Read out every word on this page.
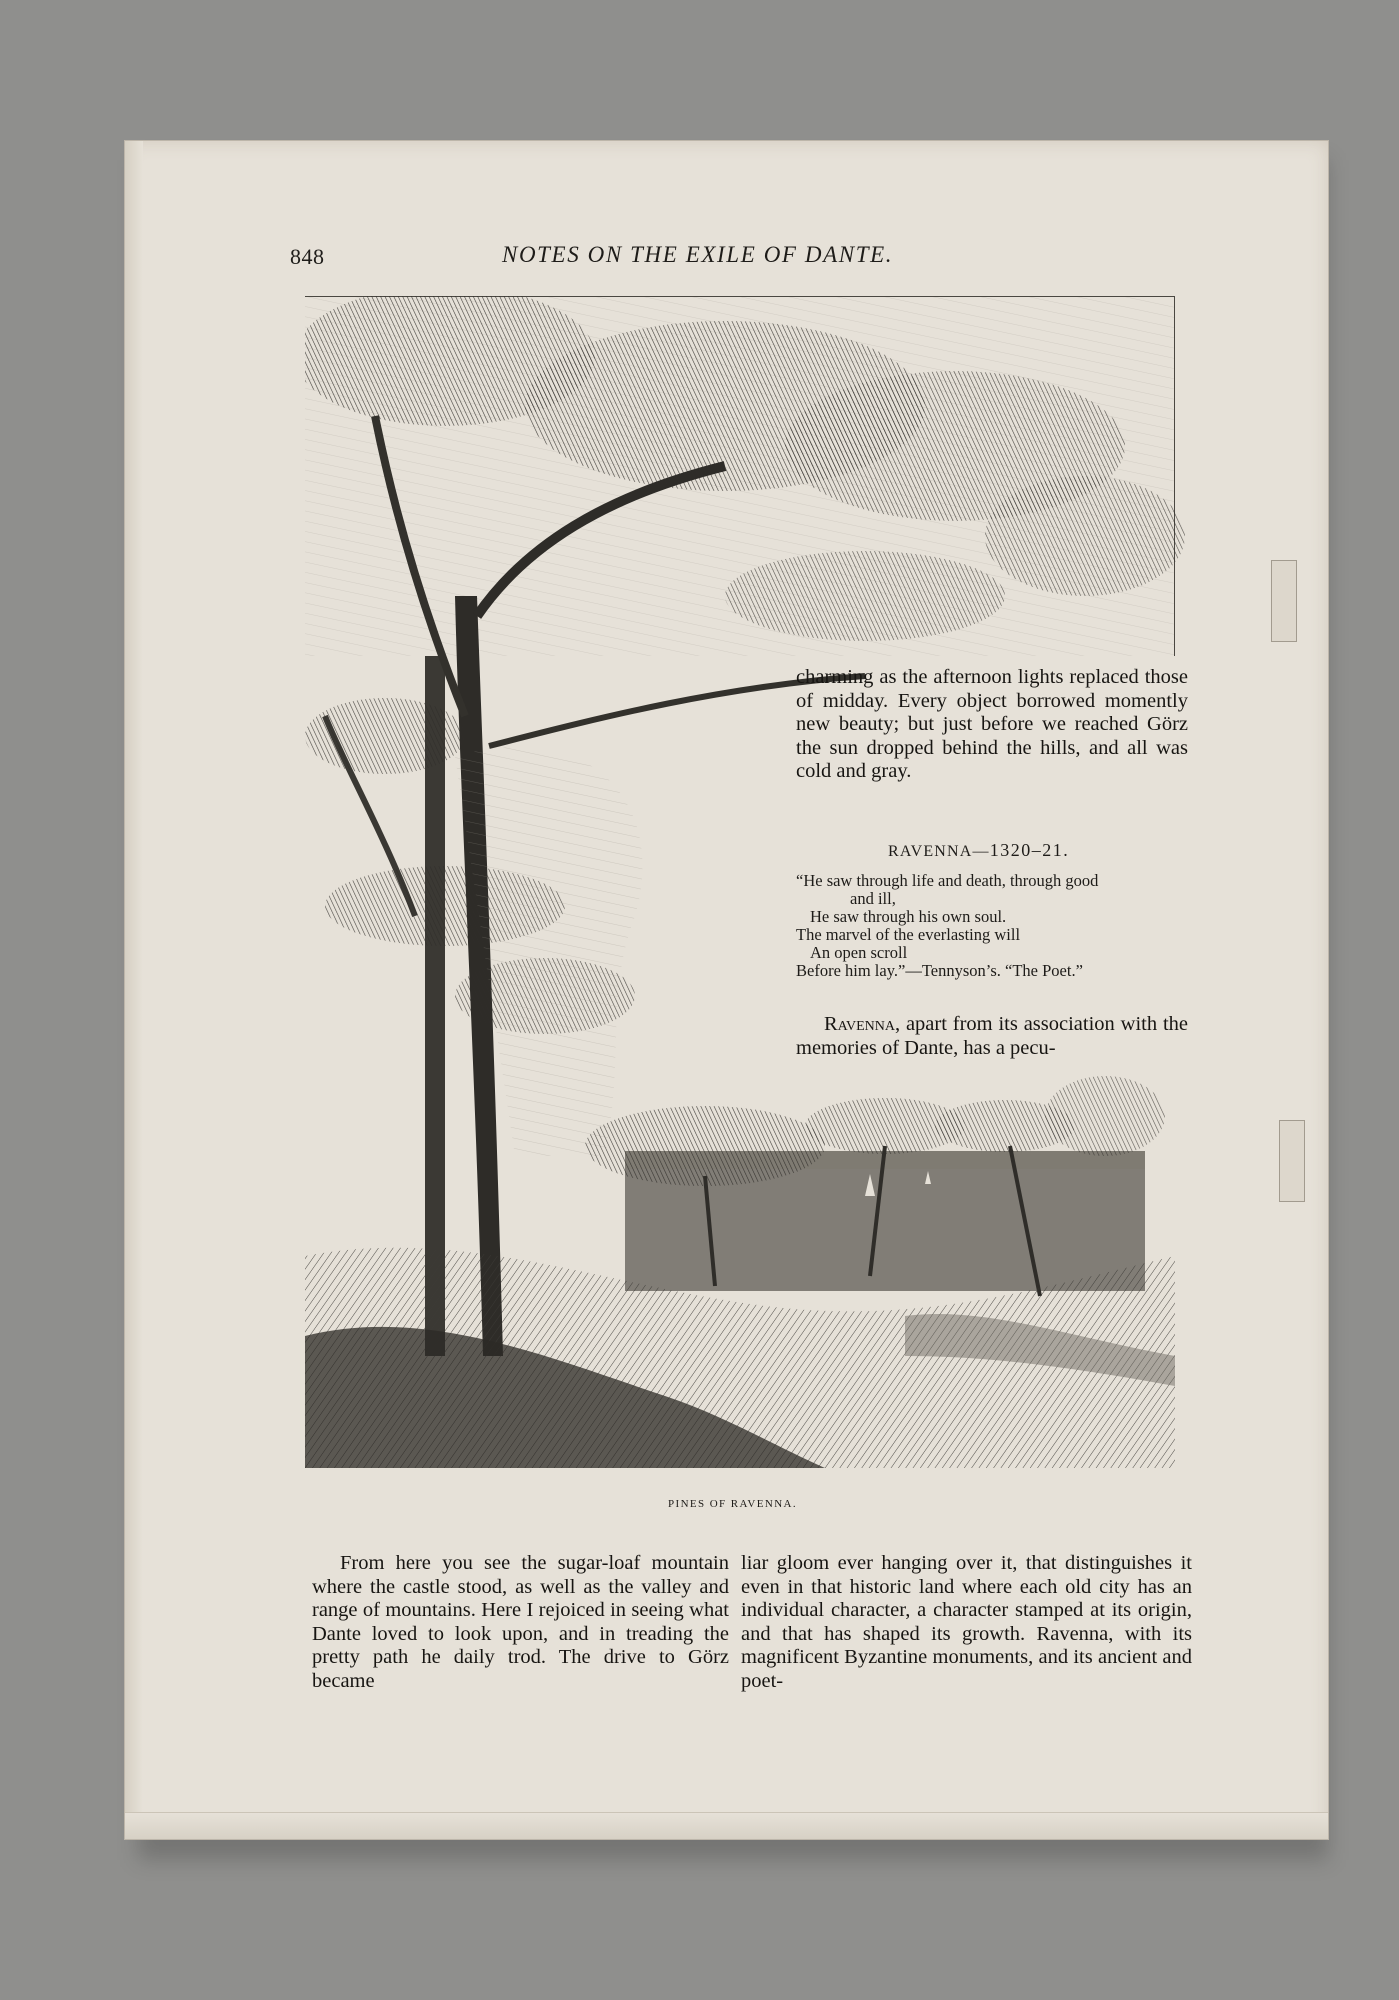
848	NOTES ON THE EXILE OF DANTE.
PINES OF RAVENNA.
charming as the afternoon lights replaced those of midday. Every object borrowed momently new beauty; but just before we reached Görz the sun dropped behind the hills, and all was cold and gray.
RAVENNA—1320–21.
“He saw through life and death, through good
and ill,
He saw through his own soul.
The marvel of the everlasting will
An open scroll
Before him lay.”—Tennyson’s. “The Poet.”
Ravenna, apart from its association with the memories of Dante, has a pecu-
From here you see the sugar-loaf mountain where the castle stood, as well as the valley and range of mountains. Here I rejoiced in seeing what Dante loved to look upon, and in treading the pretty path he daily trod. The drive to Görz became
liar gloom ever hanging over it, that distinguishes it even in that historic land where each old city has an individual character, a character stamped at its origin, and that has shaped its growth. Ravenna, with its magnificent Byzantine monuments, and its ancient and poet-
